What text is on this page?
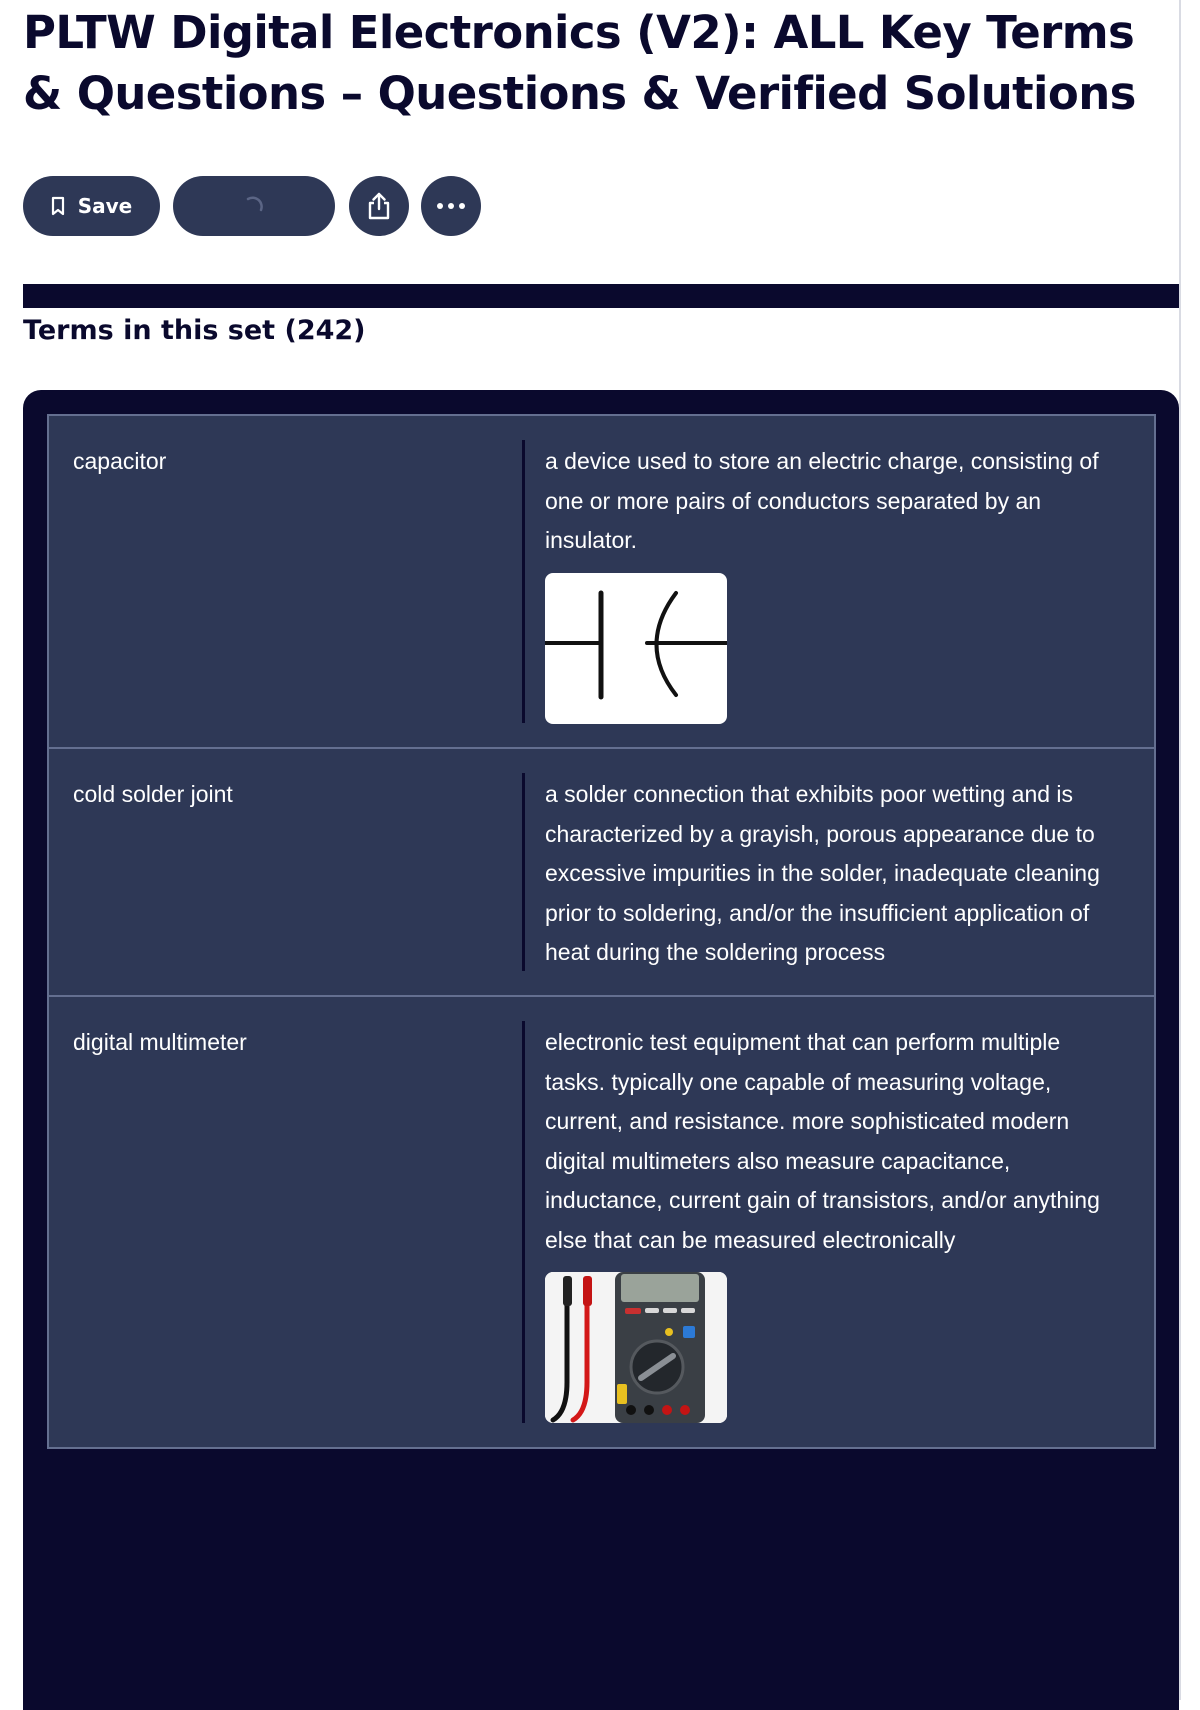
PLTW Digital Electronics (V2): ALL Key Terms & Questions – Questions & Verified Solutions
Save
Terms in this set (242)
capacitor	a device used to store an electric charge, consisting of one or more pairs of conductors separated by an insulator.
cold solder joint	a solder connection that exhibits poor wetting and is characterized by a grayish, porous appearance due to excessive impurities in the solder, inadequate cleaning prior to soldering, and/or the insufficient application of heat during the soldering process
digital multimeter	electronic test equipment that can perform multiple tasks. typically one capable of measuring voltage, current, and resistance. more sophisticated modern digital multimeters also measure capacitance, inductance, current gain of transistors, and/or anything else that can be measured electronically
